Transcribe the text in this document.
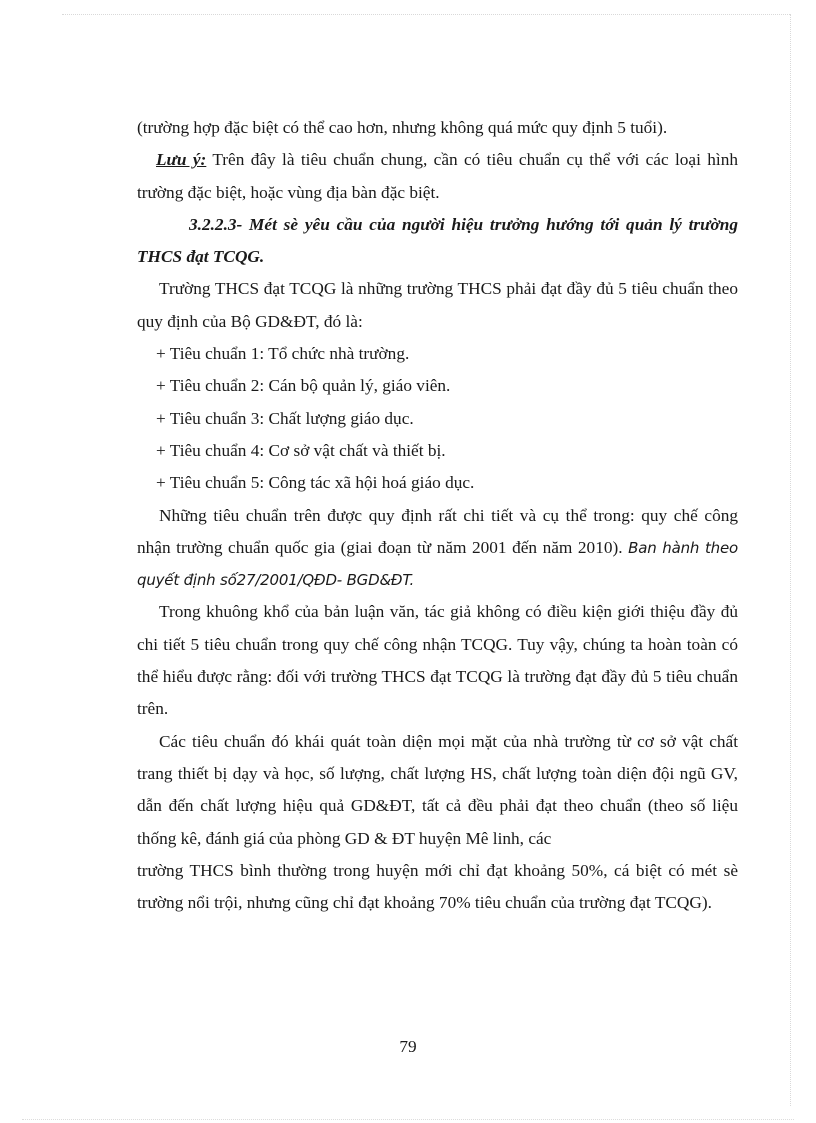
(trường hợp đặc biệt có thể cao hơn, nhưng không quá mức quy định 5 tuổi).

Lưu ý: Trên đây là tiêu chuẩn chung, cần có tiêu chuẩn cụ thể với các loại hình trường đặc biệt, hoặc vùng địa bàn đặc biệt.

3.2.2.3- Mét sè yêu cầu của người hiệu trưởng hướng tới quản lý trường THCS đạt TCQG.

Trường THCS đạt TCQG là những trường THCS phải đạt đầy đủ 5 tiêu chuẩn theo quy định của Bộ GD&ĐT, đó là:

+ Tiêu chuẩn 1: Tổ chức nhà trường.

+ Tiêu chuẩn 2: Cán bộ quản lý, giáo viên.

+ Tiêu chuẩn 3: Chất lượng giáo dục.

+ Tiêu chuẩn 4: Cơ sở vật chất và thiết bị.

+ Tiêu chuẩn 5: Công tác xã hội hoá giáo dục.

Những tiêu chuẩn trên được quy định rất chi tiết và cụ thể trong: quy chế công nhận trường chuẩn quốc gia (giai đoạn từ năm 2001 đến năm 2010). Ban hành theo quyết định số27/2001/QĐD- BGD&ĐT.

Trong khuông khổ của bản luận văn, tác giả không có điều kiện giới thiệu đầy đủ chi tiết 5 tiêu chuẩn trong quy chế công nhận TCQG. Tuy vậy, chúng ta hoàn toàn có thể hiểu được rằng: đối với trường THCS đạt TCQG là trường đạt đầy đủ 5 tiêu chuẩn trên.

Các tiêu chuẩn đó khái quát toàn diện mọi mặt của nhà trường từ cơ sở vật chất trang thiết bị dạy và học, số lượng, chất lượng HS, chất lượng toàn diện đội ngũ GV, dẫn đến chất lượng hiệu quả GD&ĐT, tất cả đều phải đạt theo chuẩn (theo số liệu thống kê, đánh giá của phòng GD & ĐT huyện Mê linh, các

trường THCS bình thường trong huyện mới chỉ đạt khoảng 50%, cá biệt có mét sè trường nổi trội, nhưng cũng chỉ đạt khoảng 70% tiêu chuẩn của trường đạt TCQG).

79
